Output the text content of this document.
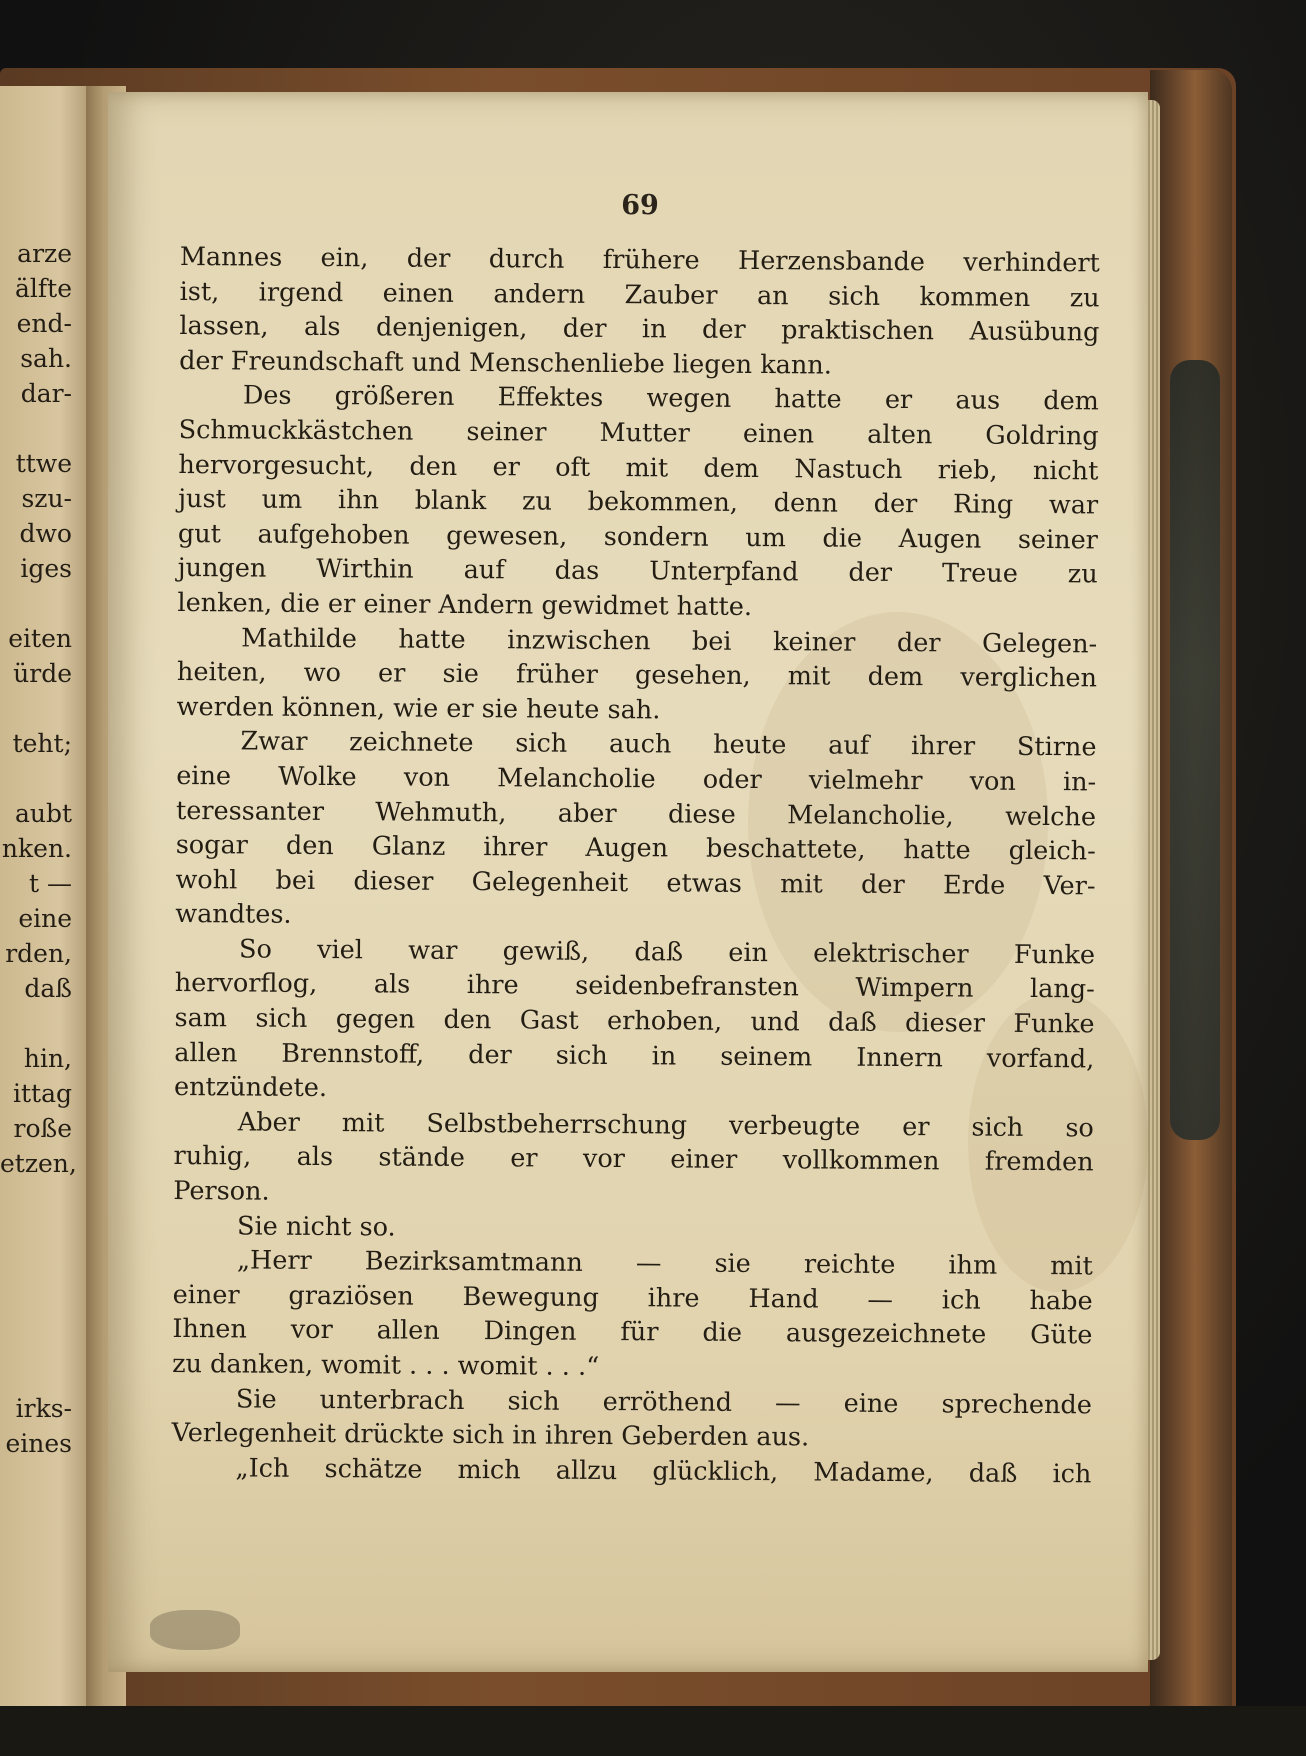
arze
älfte
end-
sah.
dar-
ttwe
szu-
dwo
iges
eiten
ürde
teht;
aubt
nken.
t —
eine
rden,
daß
hin,
ittag
roße
etzen,
irks-
eines
69
Mannes ein, der durch frühere Herzensbande verhindert
ist, irgend einen andern Zauber an sich kommen zu
lassen, als denjenigen, der in der praktischen Ausübung
der Freundschaft und Menschenliebe liegen kann.
Des größeren Effektes wegen hatte er aus dem
Schmuckkästchen seiner Mutter einen alten Goldring
hervorgesucht, den er oft mit dem Nastuch rieb, nicht
just um ihn blank zu bekommen, denn der Ring war
gut aufgehoben gewesen, sondern um die Augen seiner
jungen Wirthin auf das Unterpfand der Treue zu
lenken, die er einer Andern gewidmet hatte.
Mathilde hatte inzwischen bei keiner der Gelegen-
heiten, wo er sie früher gesehen, mit dem verglichen
werden können, wie er sie heute sah.
Zwar zeichnete sich auch heute auf ihrer Stirne
eine Wolke von Melancholie oder vielmehr von in-
teressanter Wehmuth, aber diese Melancholie, welche
sogar den Glanz ihrer Augen beschattete, hatte gleich-
wohl bei dieser Gelegenheit etwas mit der Erde Ver-
wandtes.
So viel war gewiß, daß ein elektrischer Funke
hervorflog, als ihre seidenbefransten Wimpern lang-
sam sich gegen den Gast erhoben, und daß dieser Funke
allen Brennstoff, der sich in seinem Innern vorfand,
entzündete.
Aber mit Selbstbeherrschung verbeugte er sich so
ruhig, als stände er vor einer vollkommen fremden
Person.
Sie nicht so.
„Herr Bezirksamtmann — sie reichte ihm mit
einer graziösen Bewegung ihre Hand — ich habe
Ihnen vor allen Dingen für die ausgezeichnete Güte
zu danken, womit . . . womit . . .“
Sie unterbrach sich erröthend — eine sprechende
Verlegenheit drückte sich in ihren Geberden aus.
„Ich schätze mich allzu glücklich, Madame, daß ich
